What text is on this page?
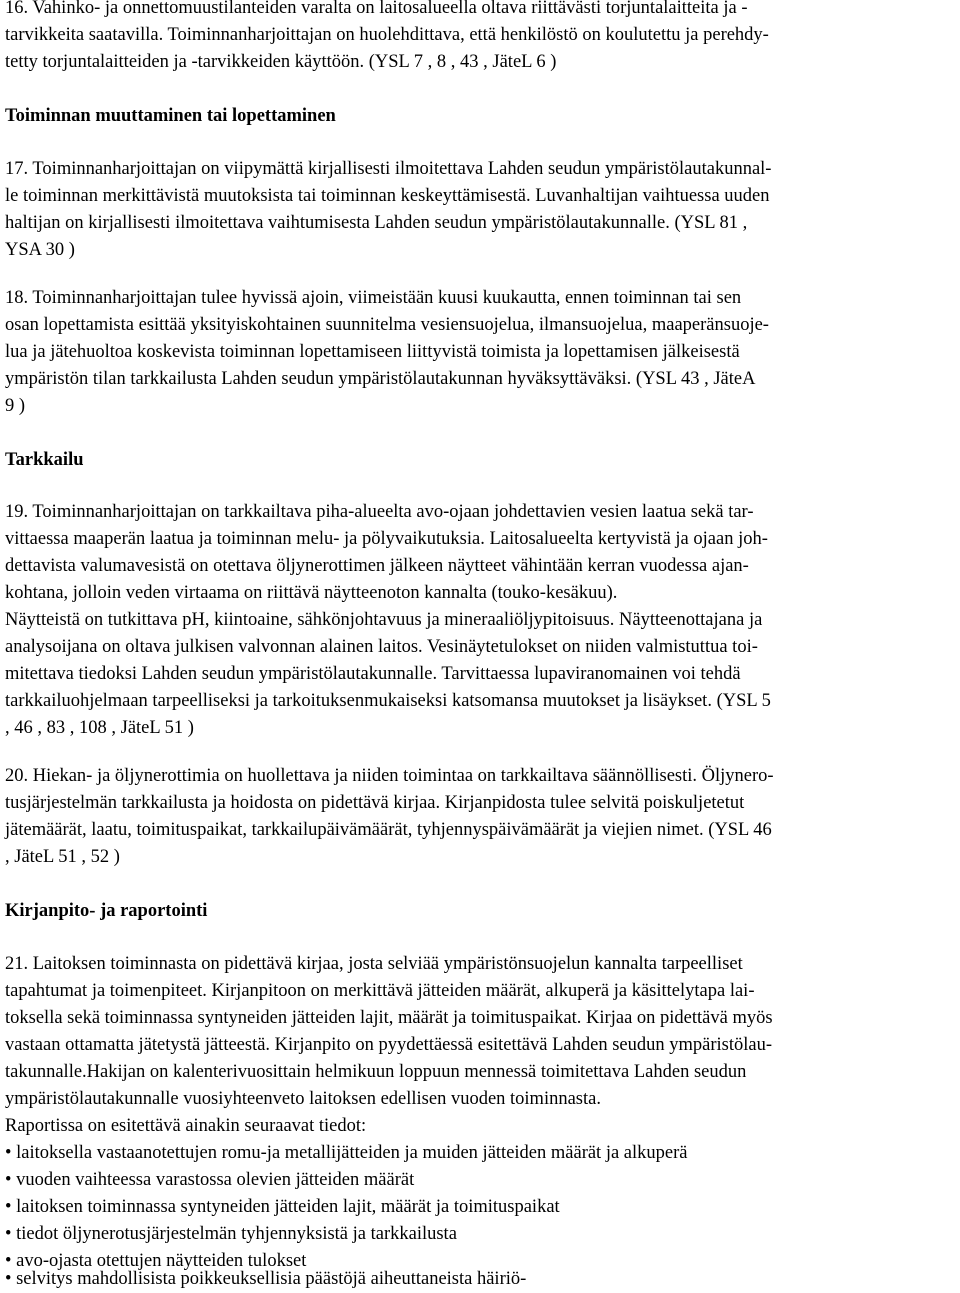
16. Vahinko- ja onnettomuustilanteiden varalta on laitosalueella oltava riittävästi torjuntalaitteita ja -
tarvikkeita saatavilla. Toiminnanharjoittajan on huolehdittava, että henkilöstö on koulutettu ja perehdy-
tetty torjuntalaitteiden ja -tarvikkeiden käyttöön. (YSL 7 , 8 , 43 , JäteL 6 )
Toiminnan muuttaminen tai lopettaminen
17. Toiminnanharjoittajan on viipymättä kirjallisesti ilmoitettava Lahden seudun ympäristölautakunnal-
le toiminnan merkittävistä muutoksista tai toiminnan keskeyttämisestä. Luvanhaltijan vaihtuessa uuden
haltijan on kirjallisesti ilmoitettava vaihtumisesta Lahden seudun ympäristölautakunnalle. (YSL 81 ,
YSA 30 )
18. Toiminnanharjoittajan tulee hyvissä ajoin, viimeistään kuusi kuukautta, ennen toiminnan tai sen
osan lopettamista esittää yksityiskohtainen suunnitelma vesiensuojelua, ilmansuojelua, maaperänsuoje-
lua ja jätehuoltoa koskevista toiminnan lopettamiseen liittyvistä toimista ja lopettamisen jälkeisestä
ympäristön tilan tarkkailusta Lahden seudun ympäristölautakunnan hyväksyttäväksi. (YSL 43 , JäteA
9 )
Tarkkailu
19. Toiminnanharjoittajan on tarkkailtava piha-alueelta avo-ojaan johdettavien vesien laatua sekä tar-
vittaessa maaperän laatua ja toiminnan melu- ja pölyvaikutuksia. Laitosalueelta kertyvistä ja ojaan joh-
dettavista valumavesistä on otettava öljynerottimen jälkeen näytteet vähintään kerran vuodessa ajan-
kohtana, jolloin veden virtaama on riittävä näytteenoton kannalta (touko-kesäkuu).
Näytteistä on tutkittava pH, kiintoaine, sähkönjohtavuus ja mineraaliöljypitoisuus. Näytteenottajana ja
analysoijana on oltava julkisen valvonnan alainen laitos. Vesinäytetulokset on niiden valmistuttua toi-
mitettava tiedoksi Lahden seudun ympäristölautakunnalle. Tarvittaessa lupaviranomainen voi tehdä
tarkkailuohjelmaan tarpeelliseksi ja tarkoituksenmukaiseksi katsomansa muutokset ja lisäykset. (YSL 5
, 46 , 83 , 108 , JäteL 51 )
20. Hiekan- ja öljynerottimia on huollettava ja niiden toimintaa on tarkkailtava säännöllisesti. Öljynero-
tusjärjestelmän tarkkailusta ja hoidosta on pidettävä kirjaa. Kirjanpidosta tulee selvitä poiskuljetetut
jätemäärät, laatu, toimituspaikat, tarkkailupäivämäärät, tyhjennyspäivämäärät ja viejien nimet. (YSL 46
, JäteL 51 , 52 )
Kirjanpito- ja raportointi
21. Laitoksen toiminnasta on pidettävä kirjaa, josta selviää ympäristönsuojelun kannalta tarpeelliset
tapahtumat ja toimenpiteet. Kirjanpitoon on merkittävä jätteiden määrät, alkuperä ja käsittelytapa lai-
toksella sekä toiminnassa syntyneiden jätteiden lajit, määrät ja toimituspaikat. Kirjaa on pidettävä myös
vastaan ottamatta jätetystä jätteestä. Kirjanpito on pyydettäessä esitettävä Lahden seudun ympäristölau-
takunnalle.Hakijan on kalenterivuosittain helmikuun loppuun mennessä toimitettava Lahden seudun
ympäristölautakunnalle vuosiyhteenveto laitoksen edellisen vuoden toiminnasta.
Raportissa on esitettävä ainakin seuraavat tiedot:
• laitoksella vastaanotettujen romu-ja metallijätteiden ja muiden jätteiden määrät ja alkuperä
• vuoden vaihteessa varastossa olevien jätteiden määrät
• laitoksen toiminnassa syntyneiden jätteiden lajit, määrät ja toimituspaikat
• tiedot öljynerotusjärjestelmän tyhjennyksistä ja tarkkailusta
• avo-ojasta otettujen näytteiden tulokset
• selvitys mahdollisista poikkeuksellisia päästöjä aiheuttaneista häiriö-
